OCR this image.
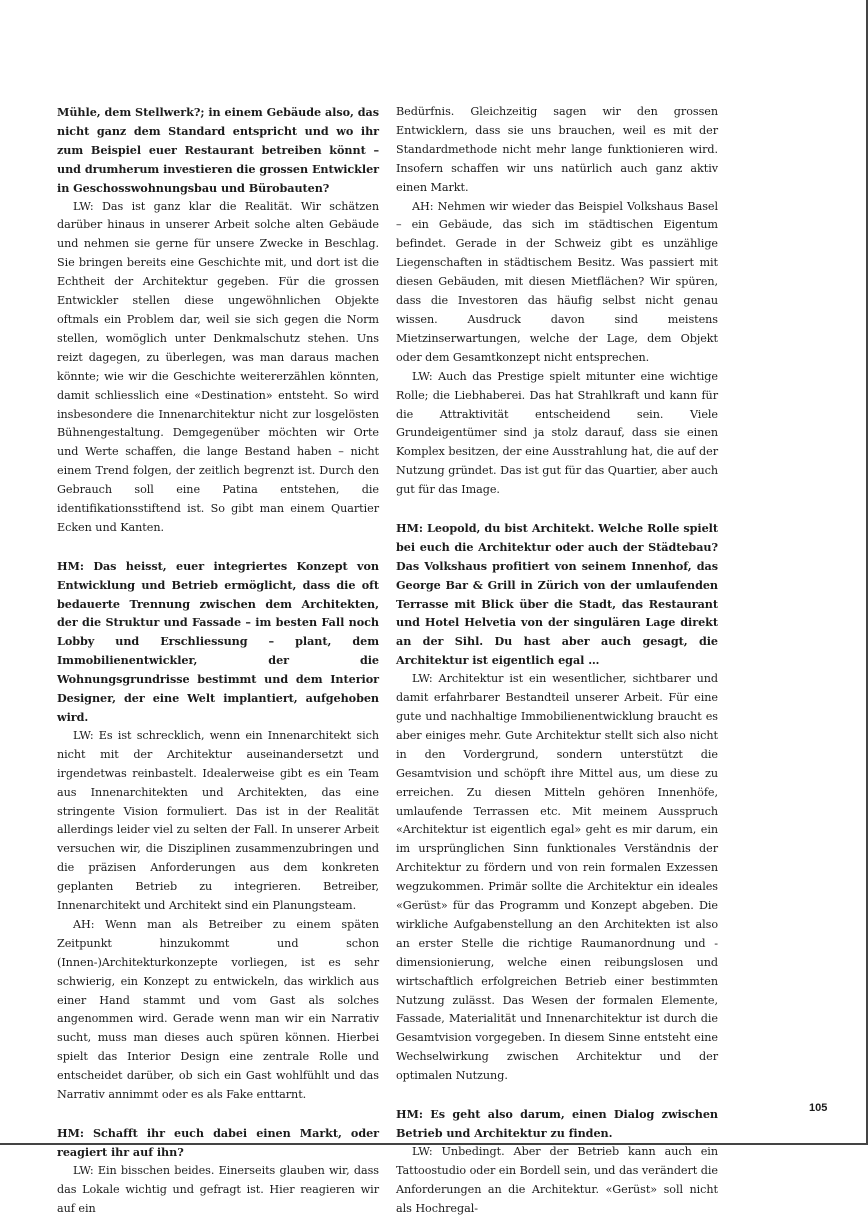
Mühle, dem Stellwerk?; in einem Gebäude also, das nicht ganz dem Standard entspricht und wo ihr zum Beispiel euer Restaurant betreiben könnt – und drumherum investieren die grossen Entwickler in Geschosswohnungsbau und Bürobauten?

LW: Das ist ganz klar die Realität. Wir schätzen darüber hinaus in unserer Arbeit solche alten Gebäude und nehmen sie gerne für unsere Zwecke in Beschlag. Sie bringen bereits eine Geschichte mit, und dort ist die Echtheit der Architektur gegeben. Für die grossen Entwickler stellen diese ungewöhnlichen Objekte oftmals ein Problem dar, weil sie sich gegen die Norm stellen, womöglich unter Denkmalschutz stehen. Uns reizt dagegen, zu überlegen, was man daraus machen könnte; wie wir die Geschichte weitererzählen könnten, damit schliesslich eine «Destination» entsteht. So wird insbesondere die Innenarchitektur nicht zur losgelösten Bühnengestaltung. Demgegenüber möchten wir Orte und Werte schaffen, die lange Bestand haben – nicht einem Trend folgen, der zeitlich begrenzt ist. Durch den Gebrauch soll eine Patina entstehen, die identifikationsstiftend ist. So gibt man einem Quartier Ecken und Kanten.

HM: Das heisst, euer integriertes Konzept von Entwicklung und Betrieb ermöglicht, dass die oft bedauerte Trennung zwischen dem Architekten, der die Struktur und Fassade – im besten Fall noch Lobby und Erschliessung – plant, dem Immobilienentwickler, der die Wohnungsgrundrisse bestimmt und dem Interior Designer, der eine Welt implantiert, aufgehoben wird.

LW: Es ist schrecklich, wenn ein Innenarchitekt sich nicht mit der Architektur auseinandersetzt und irgendetwas reinbastelt. Idealerweise gibt es ein Team aus Innenarchitekten und Architekten, das eine stringente Vision formuliert. Das ist in der Realität allerdings leider viel zu selten der Fall. In unserer Arbeit versuchen wir, die Disziplinen zusammenzubringen und die präzisen Anforderungen aus dem konkreten geplanten Betrieb zu integrieren. Betreiber, Innenarchitekt und Architekt sind ein Planungsteam.

AH: Wenn man als Betreiber zu einem späten Zeitpunkt hinzukommt und schon (Innen-)Architekturkonzepte vorliegen, ist es sehr schwierig, ein Konzept zu entwickeln, das wirklich aus einer Hand stammt und vom Gast als solches angenommen wird. Gerade wenn man wir ein Narrativ sucht, muss man dieses auch spüren können. Hierbei spielt das Interior Design eine zentrale Rolle und entscheidet darüber, ob sich ein Gast wohlfühlt und das Narrativ annimmt oder es als Fake enttarnt.

HM: Schafft ihr euch dabei einen Markt, oder reagiert ihr auf ihn?

LW: Ein bisschen beides. Einerseits glauben wir, dass das Lokale wichtig und gefragt ist. Hier reagieren wir auf ein

Bedürfnis. Gleichzeitig sagen wir den grossen Entwicklern, dass sie uns brauchen, weil es mit der Standardmethode nicht mehr lange funktionieren wird. Insofern schaffen wir uns natürlich auch ganz aktiv einen Markt.

AH: Nehmen wir wieder das Beispiel Volkshaus Basel – ein Gebäude, das sich im städtischen Eigentum befindet. Gerade in der Schweiz gibt es unzählige Liegenschaften in städtischem Besitz. Was passiert mit diesen Gebäuden, mit diesen Mietflächen? Wir spüren, dass die Investoren das häufig selbst nicht genau wissen. Ausdruck davon sind meistens Mietzinserwartungen, welche der Lage, dem Objekt oder dem Gesamtkonzept nicht entsprechen.

LW: Auch das Prestige spielt mitunter eine wichtige Rolle; die Liebhaberei. Das hat Strahlkraft und kann für die Attraktivität entscheidend sein. Viele Grundeigentümer sind ja stolz darauf, dass sie einen Komplex besitzen, der eine Ausstrahlung hat, die auf der Nutzung gründet. Das ist gut für das Quartier, aber auch gut für das Image.

HM: Leopold, du bist Architekt. Welche Rolle spielt bei euch die Architektur oder auch der Städtebau? Das Volkshaus profitiert von seinem Innenhof, das George Bar & Grill in Zürich von der umlaufenden Terrasse mit Blick über die Stadt, das Restaurant und Hotel Helvetia von der singulären Lage direkt an der Sihl. Du hast aber auch gesagt, die Architektur ist eigentlich egal …

LW: Architektur ist ein wesentlicher, sichtbarer und damit erfahrbarer Bestandteil unserer Arbeit. Für eine gute und nachhaltige Immobilienentwicklung braucht es aber einiges mehr. Gute Architektur stellt sich also nicht in den Vordergrund, sondern unterstützt die Gesamtvision und schöpft ihre Mittel aus, um diese zu erreichen. Zu diesen Mitteln gehören Innenhöfe, umlaufende Terrassen etc. Mit meinem Ausspruch «Architektur ist eigentlich egal» geht es mir darum, ein im ursprünglichen Sinn funktionales Verständnis der Architektur zu fördern und von rein formalen Exzessen wegzukommen. Primär sollte die Architektur ein ideales «Gerüst» für das Programm und Konzept abgeben. Die wirkliche Aufgabenstellung an den Architekten ist also an erster Stelle die richtige Raumanordnung und -dimensionierung, welche einen reibungslosen und wirtschaftlich erfolgreichen Betrieb einer bestimmten Nutzung zulässt. Das Wesen der formalen Elemente, Fassade, Materialität und Innenarchitektur ist durch die Gesamtvision vorgegeben. In diesem Sinne entsteht eine Wechselwirkung zwischen Architektur und der optimalen Nutzung.

HM: Es geht also darum, einen Dialog zwischen Betrieb und Architektur zu finden.

LW: Unbedingt. Aber der Betrieb kann auch ein Tattoostudio oder ein Bordell sein, und das verändert die Anforderungen an die Architektur. «Gerüst» soll nicht als Hochregal-

105
